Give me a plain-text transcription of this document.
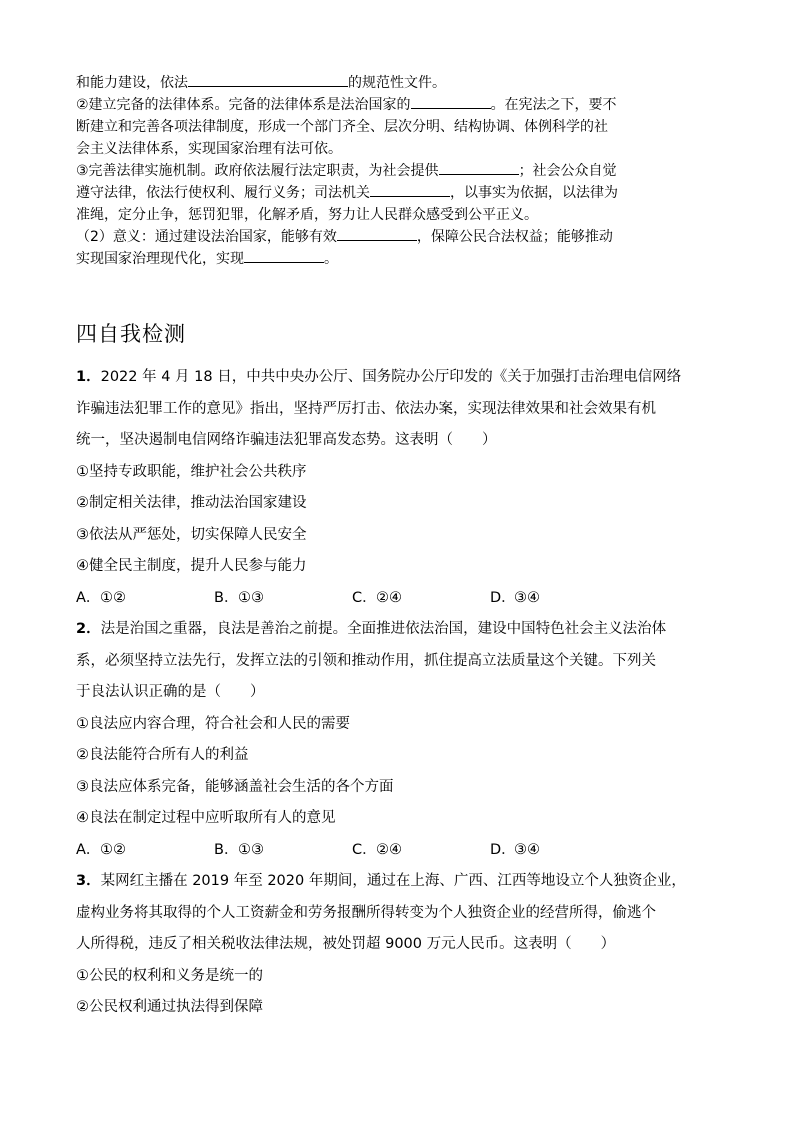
和能力建设，依法	的规范性文件。

②建立完备的法律体系。完备的法律体系是法治国家的	。在宪法之下，要不

断建立和完善各项法律制度，形成一个部门齐全、层次分明、结构协调、体例科学的社

会主义法律体系，实现国家治理有法可依。

③完善法律实施机制。政府依法履行法定职责，为社会提供	；社会公众自觉

遵守法律，依法行使权利、履行义务；司法机关	，以事实为依据，以法律为

准绳，定分止争，惩罚犯罪，化解矛盾，努力让人民群众感受到公平正义。

（2）意义：通过建设法治国家，能够有效	，保障公民合法权益；能够推动

实现国家治理现代化，实现	。

四自我检测

1．2022 年 4 月 18 日，中共中央办公厅、国务院办公厅印发的《关于加强打击治理电信网络

诈骗违法犯罪工作的意见》指出，坚持严厉打击、依法办案，实现法律效果和社会效果有机

统一，坚决遏制电信网络诈骗违法犯罪高发态势。这表明（　　）

①坚持专政职能，维护社会公共秩序

②制定相关法律，推动法治国家建设

③依法从严惩处，切实保障人民安全

④健全民主制度，提升人民参与能力

A．①②	B．①③	C．②④	D．③④

2．法是治国之重器，良法是善治之前提。全面推进依法治国，建设中国特色社会主义法治体

系，必须坚持立法先行，发挥立法的引领和推动作用，抓住提高立法质量这个关键。下列关

于良法认识正确的是（　　）

①良法应内容合理，符合社会和人民的需要

②良法能符合所有人的利益

③良法应体系完备，能够涵盖社会生活的各个方面

④良法在制定过程中应听取所有人的意见

A．①②	B．①③	C．②④	D．③④

3．某网红主播在 2019 年至 2020 年期间，通过在上海、广西、江西等地设立个人独资企业，

虚构业务将其取得的个人工资薪金和劳务报酬所得转变为个人独资企业的经营所得，偷逃个

人所得税，违反了相关税收法律法规，被处罚超 9000 万元人民币。这表明（　　）

①公民的权利和义务是统一的

②公民权利通过执法得到保障
